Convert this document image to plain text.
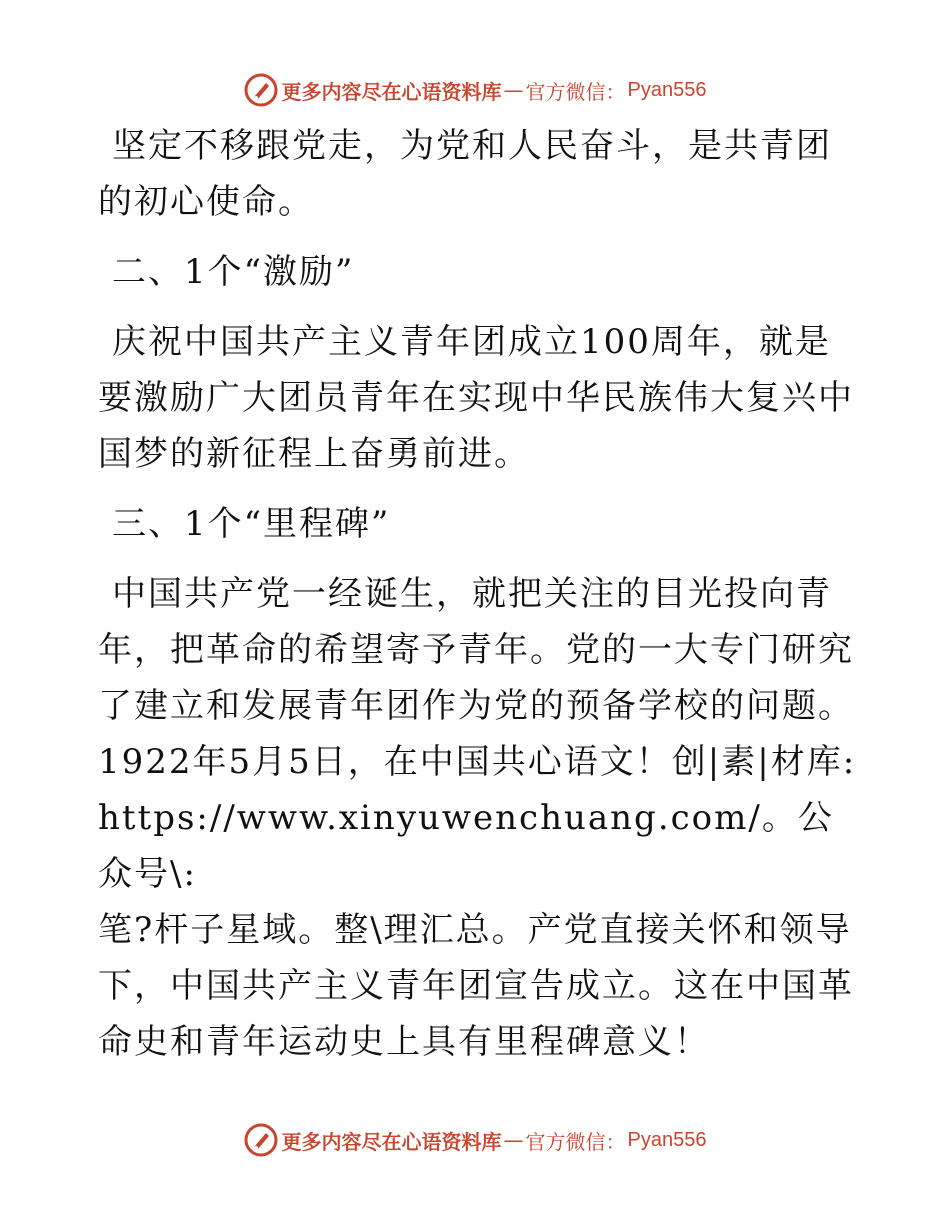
更多内容尽在心语资料库 — 官方微信： Pyan556

坚定不移跟党走，为党和人民奋斗，是共青团的初心使命。

二、1个“激励”

庆祝中国共产主义青年团成立100周年，就是要激励广大团员青年在实现中华民族伟大复兴中国梦的新征程上奋勇前进。

三、1个“里程碑”

中国共产党一经诞生，就把关注的目光投向青
年，把革命的希望寄予青年。党的一大专门研究了建立和发展青年团作为党的预备学校的问题。1922年5月5日，在中国共心语文！创|素|材库:
https://www.xinyuwenchuang.com/。公众号\:
笔?杆子星域。整\理汇总。产党直接关怀和领导下，中国共产主义青年团宣告成立。这在中国革命史和青年运动史上具有里程碑意义！
更多内容尽在心语资料库 — 官方微信： Pyan556
